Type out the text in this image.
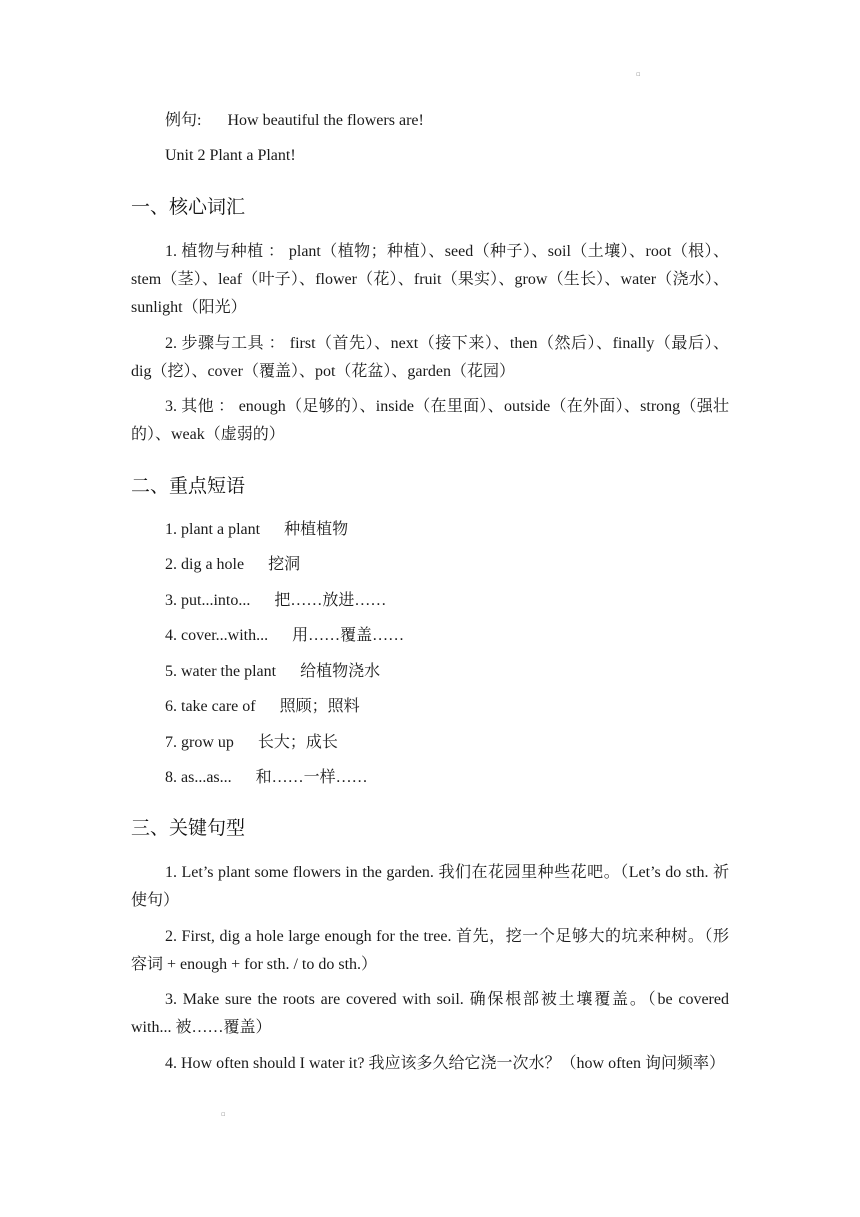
▫
例句: How beautiful the flowers are!
Unit 2 Plant a Plant!
一、核心词汇
1. 植物与种植 ： plant（植物；种植）、seed（种子）、soil（土壤）、root（根）、stem（茎）、leaf（叶子）、flower（花）、fruit（果实）、grow（生长）、water（浇水）、sunlight（阳光）
2. 步骤与工具 ： first（首先）、next（接下来）、then（然后）、finally（最后）、dig（挖）、cover（覆盖）、pot（花盆）、garden（花园）
3. 其他 ： enough（足够的）、inside（在里面）、outside（在外面）、strong（强壮的）、weak（虚弱的）
二、重点短语
1. plant a plant 种植植物
2. dig a hole 挖洞
3. put...into... 把……放进……
4. cover...with... 用……覆盖……
5. water the plant 给植物浇水
6. take care of 照顾；照料
7. grow up 长大；成长
8. as...as... 和……一样……
三、关键句型
1. Let’s plant some flowers in the garden. 我们在花园里种些花吧。（Let’s do sth. 祈使句）
2. First, dig a hole large enough for the tree. 首先，挖一个足够大的坑来种树。（形容词 + enough + for sth. / to do sth.）
3. Make sure the roots are covered with soil. 确保根部被土壤覆盖。（be covered with... 被……覆盖）
4. How often should I water it? 我应该多久给它浇一次水？（how often 询问频率）
▫
